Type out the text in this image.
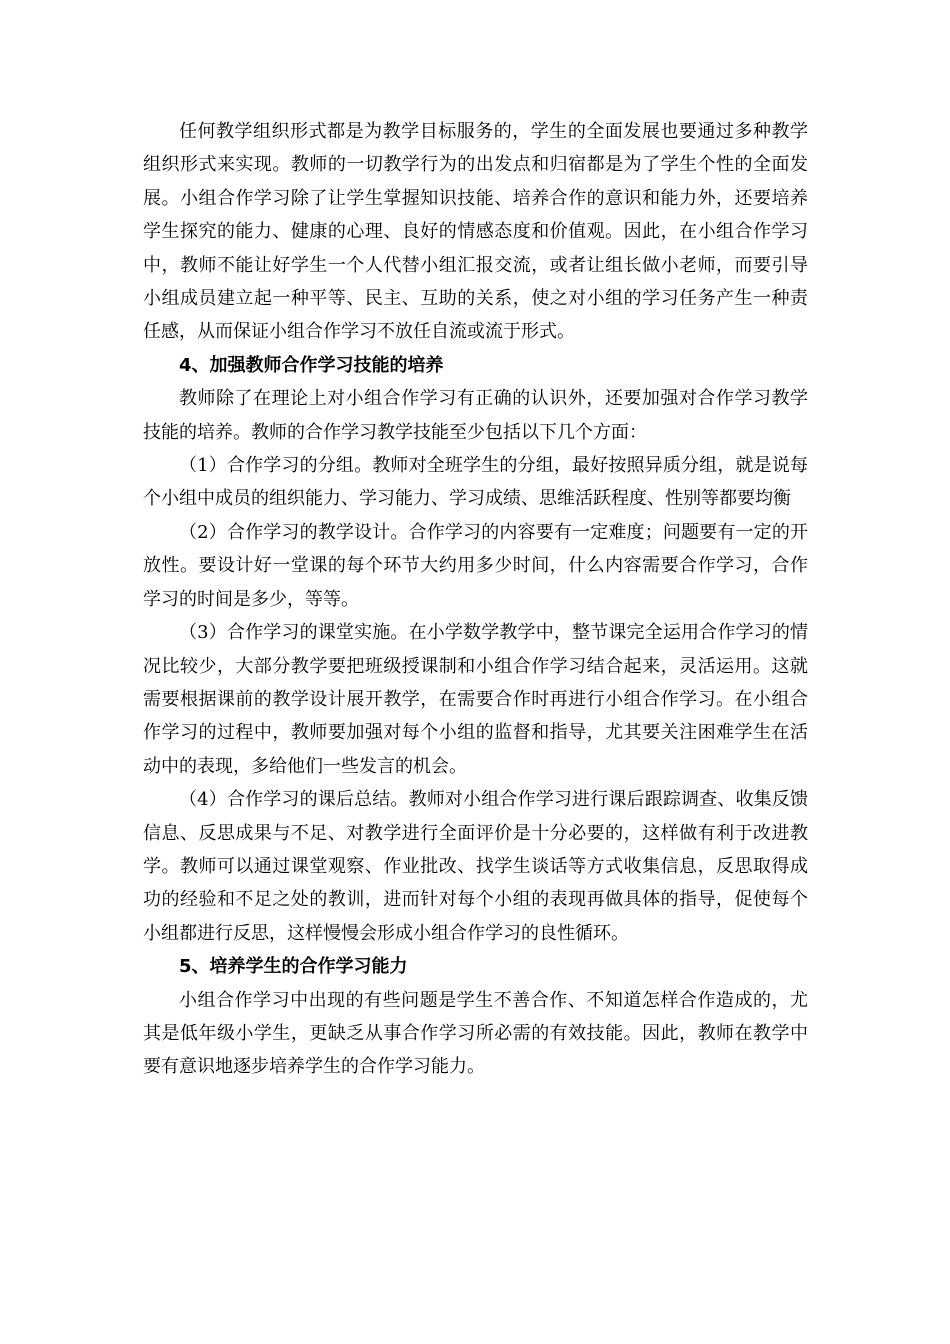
任何教学组织形式都是为教学目标服务的，学生的全面发展也要通过多种教学组织形式来实现。教师的一切教学行为的出发点和归宿都是为了学生个性的全面发展。小组合作学习除了让学生掌握知识技能、培养合作的意识和能力外，还要培养学生探究的能力、健康的心理、良好的情感态度和价值观。因此，在小组合作学习中，教师不能让好学生一个人代替小组汇报交流，或者让组长做小老师，而要引导小组成员建立起一种平等、民主、互助的关系，使之对小组的学习任务产生一种责任感，从而保证小组合作学习不放任自流或流于形式。

4、加强教师合作学习技能的培养

教师除了在理论上对小组合作学习有正确的认识外，还要加强对合作学习教学技能的培养。教师的合作学习教学技能至少包括以下几个方面：

（1）合作学习的分组。教师对全班学生的分组，最好按照异质分组，就是说每个小组中成员的组织能力、学习能力、学习成绩、思维活跃程度、性别等都要均衡

（2）合作学习的教学设计。合作学习的内容要有一定难度；问题要有一定的开放性。要设计好一堂课的每个环节大约用多少时间，什么内容需要合作学习，合作学习的时间是多少，等等。

（3）合作学习的课堂实施。在小学数学教学中，整节课完全运用合作学习的情况比较少，大部分教学要把班级授课制和小组合作学习结合起来，灵活运用。这就需要根据课前的教学设计展开教学，在需要合作时再进行小组合作学习。在小组合作学习的过程中，教师要加强对每个小组的监督和指导，尤其要关注困难学生在活动中的表现，多给他们一些发言的机会。

（4）合作学习的课后总结。教师对小组合作学习进行课后跟踪调查、收集反馈信息、反思成果与不足、对教学进行全面评价是十分必要的，这样做有利于改进教学。教师可以通过课堂观察、作业批改、找学生谈话等方式收集信息，反思取得成功的经验和不足之处的教训，进而针对每个小组的表现再做具体的指导，促使每个小组都进行反思，这样慢慢会形成小组合作学习的良性循环。

5、培养学生的合作学习能力

小组合作学习中出现的有些问题是学生不善合作、不知道怎样合作造成的，尤其是低年级小学生，更缺乏从事合作学习所必需的有效技能。因此，教师在教学中要有意识地逐步培养学生的合作学习能力。
